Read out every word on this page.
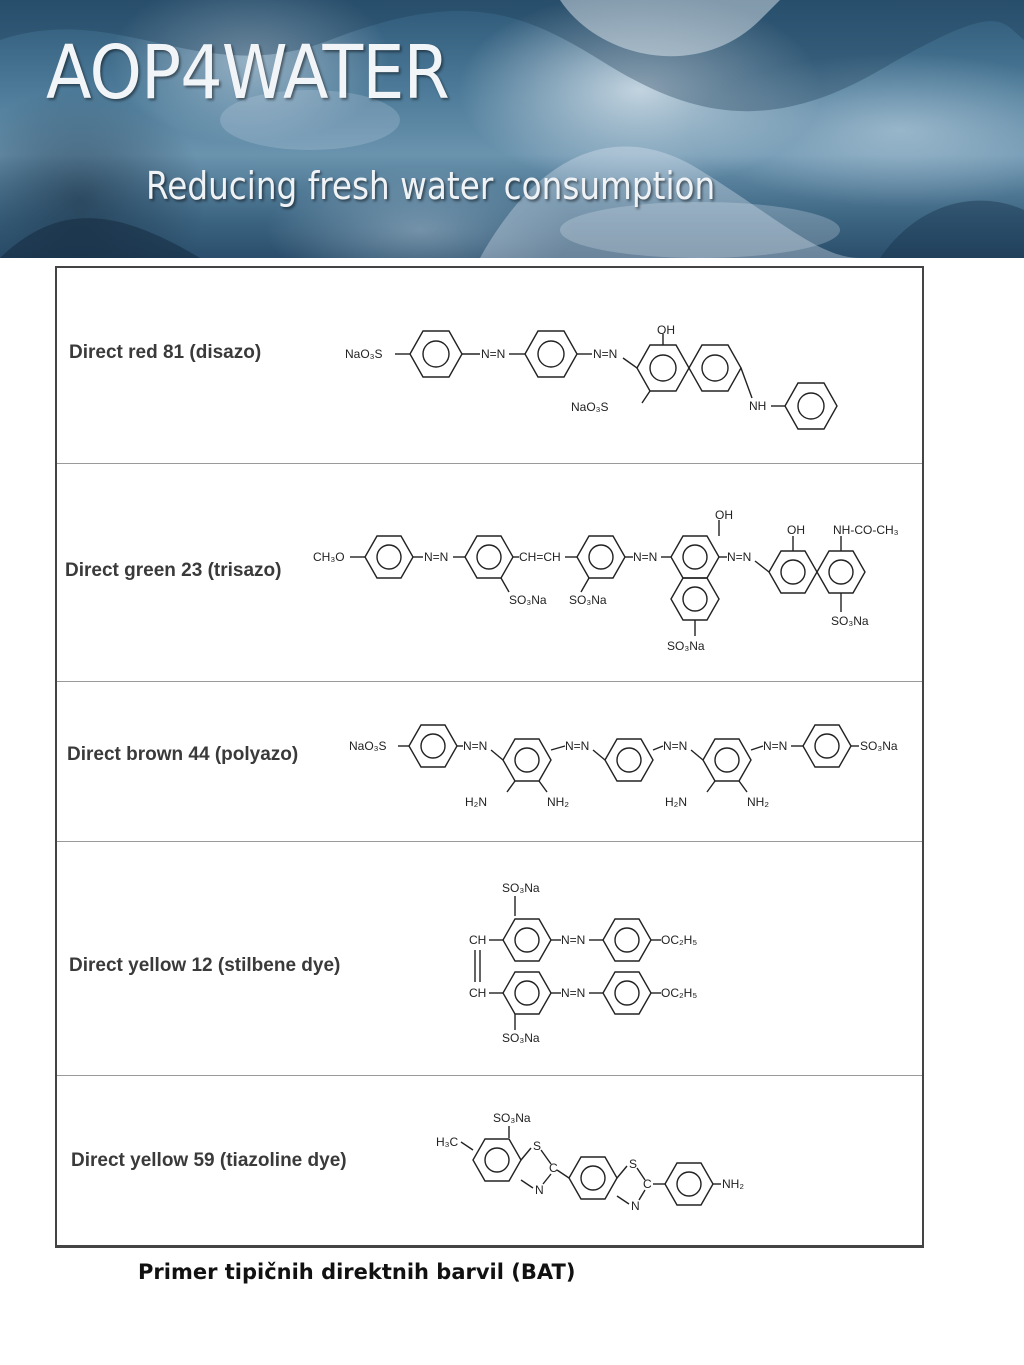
AOP4WATER
Reducing fresh water consumption
Direct red 81 (disazo)	NaO₃S	N=N	N=N
OH
NaO₃S	NH
Direct green 23 (trisazo)
CH₃O	N=N	CH=CH	N=N
OH
N=N
OH NH-CO-CH₃
SO₃Na SO₃Na
SO₃Na
SO₃Na
Direct brown 44 (polyazo)	NaO₃S	N=N	N=N	N=N	N=N	SO₃Na
H₂N	NH₂	H₂N	NH₂
Direct yellow 12 (stilbene dye)
SO₃Na
CH	N=N	OC₂H₅
CH	N=N	OC₂H₅
SO₃Na
Direct yellow 59 (tiazoline dye)
SO₃Na
H₃C	S
C
N
S
C
N
NH₂
Primer tipičnih direktnih barvil (BAT)
